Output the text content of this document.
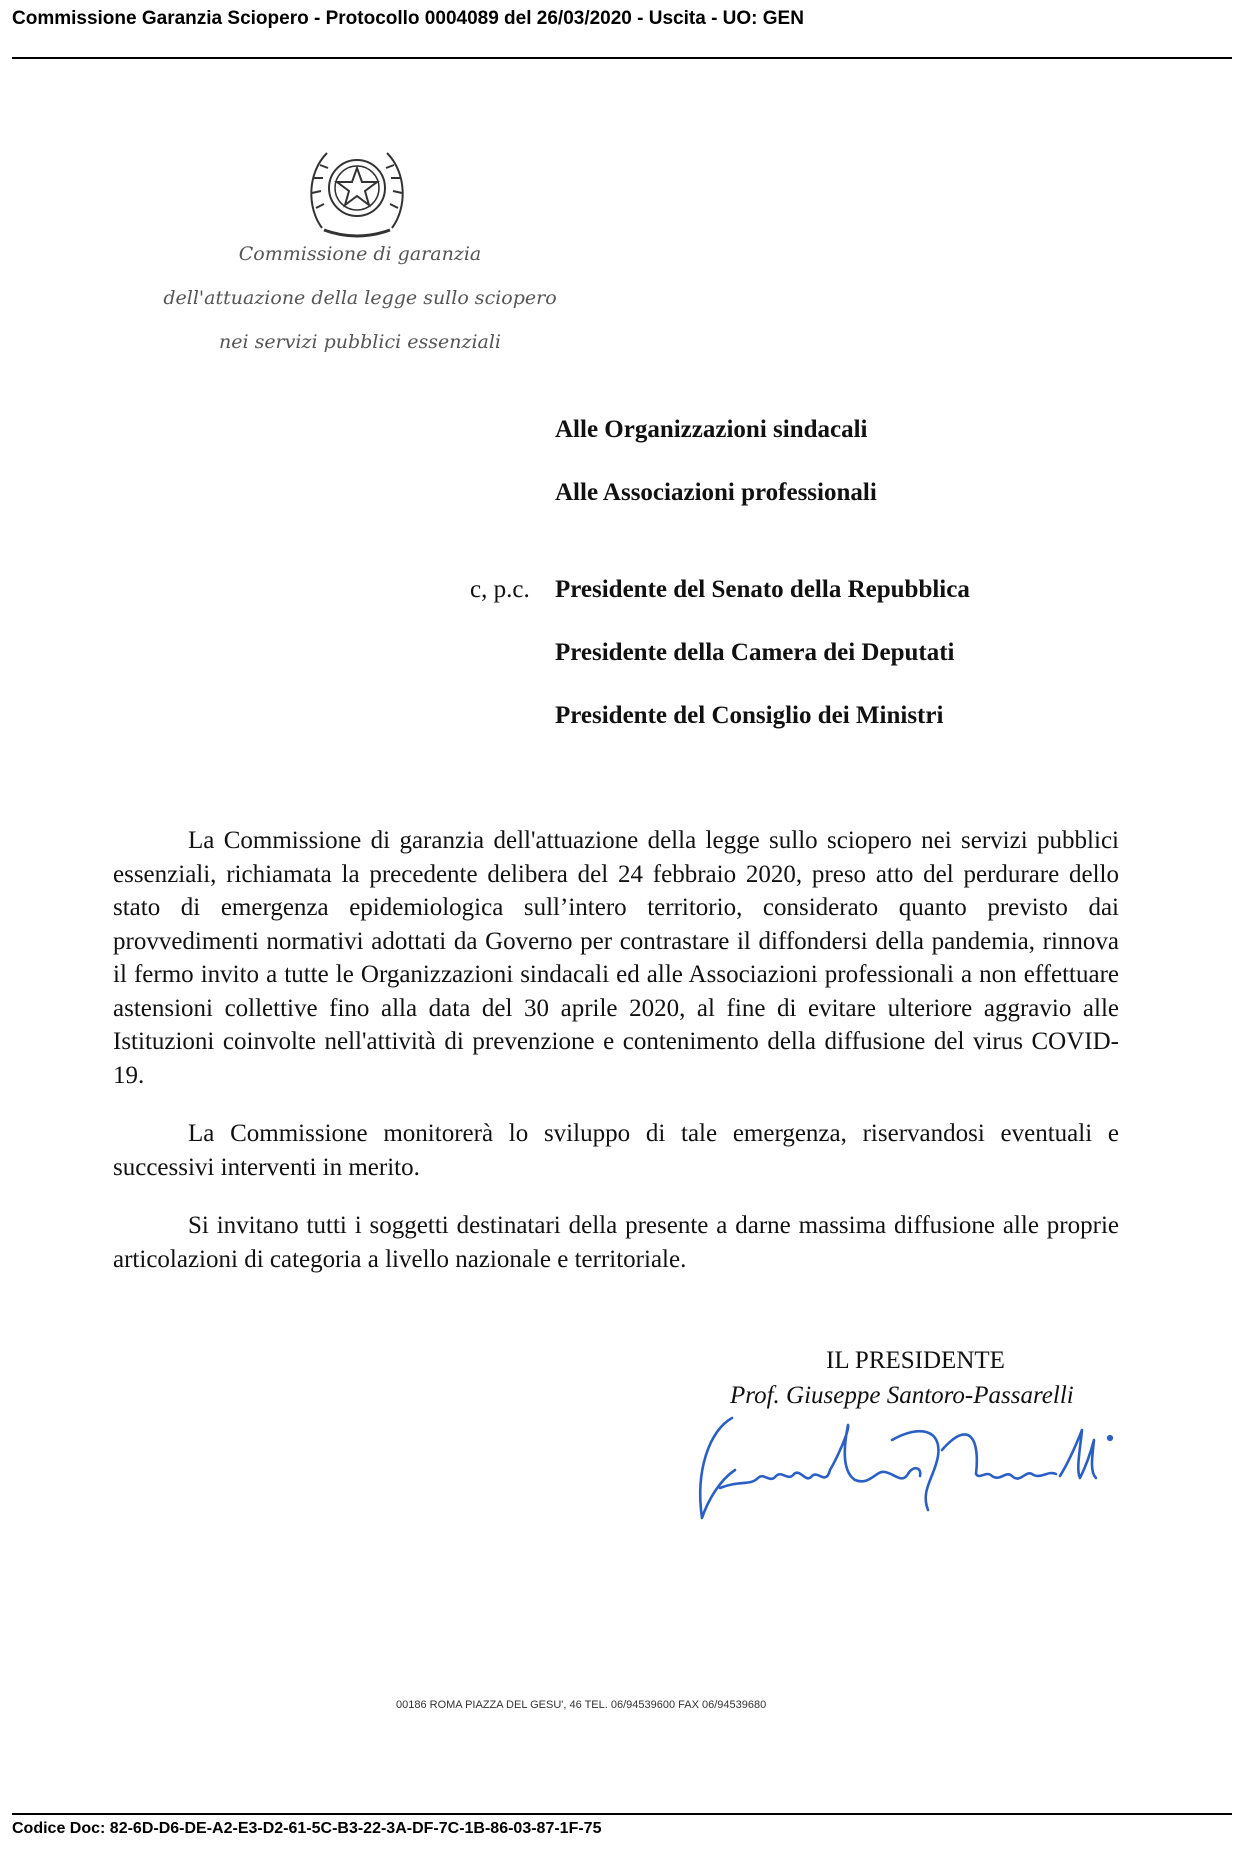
Commissione Garanzia Sciopero - Protocollo 0004089 del 26/03/2020 - Uscita - UO: GEN
Commissione di garanzia
dell'attuazione della legge sullo sciopero
nei servizi pubblici essenziali
Alle Organizzazioni sindacali
Alle Associazioni professionali
c, p.c. Presidente del Senato della Repubblica
Presidente della Camera dei Deputati
Presidente del Consiglio dei Ministri

La Commissione di garanzia dell'attuazione della legge sullo sciopero nei servizi pubblici essenziali, richiamata la precedente delibera del 24 febbraio 2020, preso atto del perdurare dello stato di emergenza epidemiologica sull’intero territorio, considerato quanto previsto dai provvedimenti normativi adottati da Governo per contrastare il diffondersi della pandemia, rinnova il fermo invito a tutte le Organizzazioni sindacali ed alle Associazioni professionali a non effettuare astensioni collettive fino alla data del 30 aprile 2020, al fine di evitare ulteriore aggravio alle Istituzioni coinvolte nell'attività di prevenzione e contenimento della diffusione del virus COVID-19.

La Commissione monitorerà lo sviluppo di tale emergenza, riservandosi eventuali e successivi interventi in merito.

Si invitano tutti i soggetti destinatari della presente a darne massima diffusione alle proprie articolazioni di categoria a livello nazionale e territoriale.

IL PRESIDENTE
Prof. Giuseppe Santoro-Passarelli
00186 ROMA PIAZZA DEL GESU', 46 TEL. 06/94539600 FAX 06/94539680
Codice Doc: 82-6D-D6-DE-A2-E3-D2-61-5C-B3-22-3A-DF-7C-1B-86-03-87-1F-75
